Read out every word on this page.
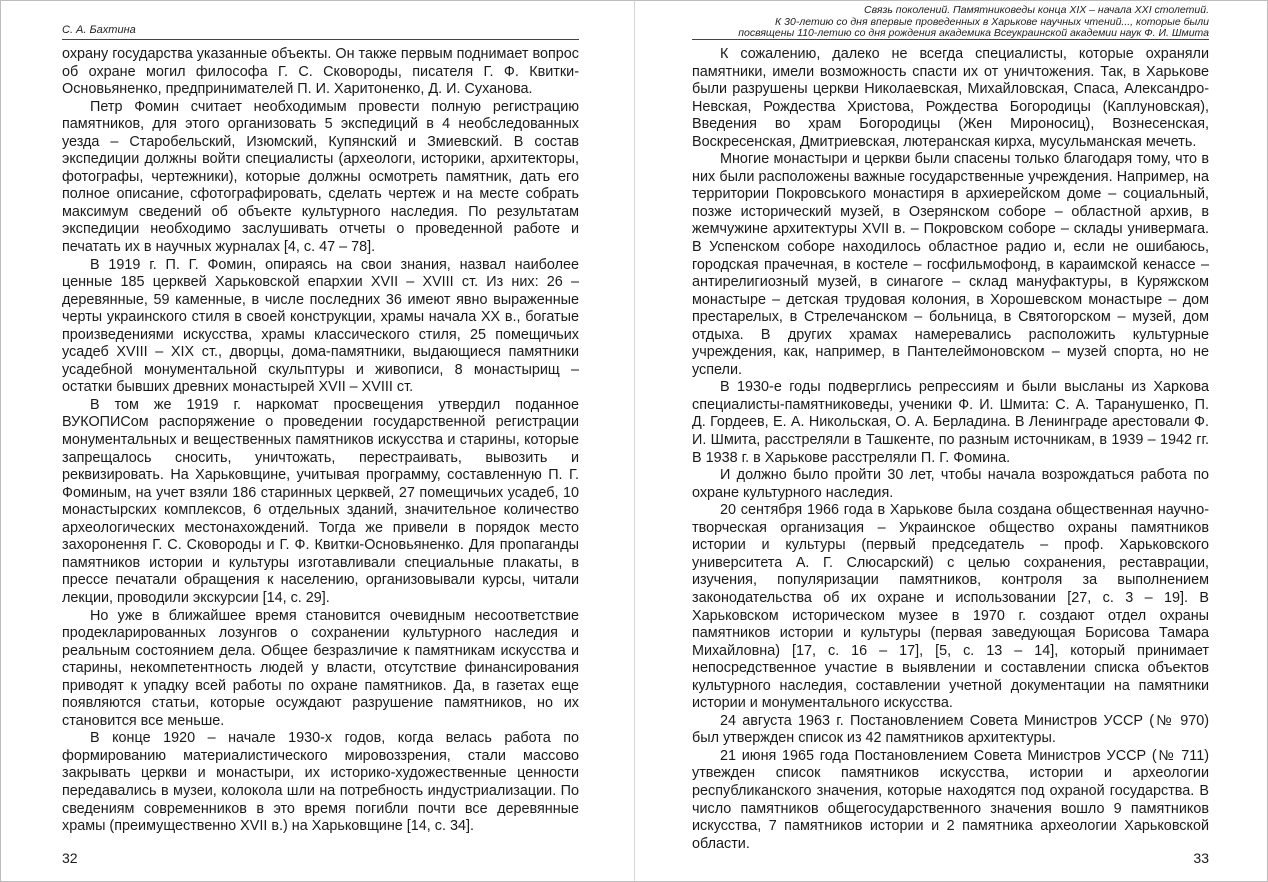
С. А. Бахтина

охрану государства указанные объекты. Он также первым поднимает вопрос об охране могил философа Г. С. Сковороды, писателя Г. Ф. Квитки-Основьяненко, предпринимателей П. И. Харитоненко, Д. И. Суханова.

Петр Фомин считает необходимым провести полную регистрацию памятников, для этого организовать 5 экспедиций в 4 необследованных уезда – Старобельский, Изюмский, Купянский и Змиевский. В состав экспедиции должны войти специалисты (археологи, историки, архитекторы, фотографы, чертежники), которые должны осмотреть памятник, дать его полное описание, сфотографировать, сделать чертеж и на месте собрать максимум сведений об объекте культурного наследия. По результатам экспедиции необходимо заслушивать отчеты о проведенной работе и печатать их в научных журналах [4, с. 47 – 78].

В 1919 г. П. Г. Фомин, опираясь на свои знания, назвал наиболее ценные 185 церквей Харьковской епархии XVII – XVIII ст. Из них: 26 – деревянные, 59 каменные, в числе последних 36 имеют явно выраженные черты украинского стиля в своей конструкции, храмы начала XX в., богатые произведениями искусства, храмы классического стиля, 25 помещичьих усадеб XVIII – XIX ст., дворцы, дома-памятники, выдающиеся памятники усадебной монументальной скульптуры и живописи, 8 монастырищ – остатки бывших древних монастырей XVII – XVIII ст.

В том же 1919 г. наркомат просвещения утвердил поданное ВУКОПИСом распоряжение о проведении государственной регистрации монументальных и вещественных памятников искусства и старины, которые запрещалось сносить, уничтожать, перестраивать, вывозить и реквизировать. На Харьковщине, учитывая программу, составленную П. Г. Фоминым, на учет взяли 186 старинных церквей, 27 помещичьих усадеб, 10 монастырских комплексов, 6 отдельных зданий, значительное количество археологических местонахождений. Тогда же привели в порядок место захоронення Г. С. Сковороды и Г. Ф. Квитки-Основьяненко. Для пропаганды памятников истории и культуры изготавливали специальные плакаты, в прессе печатали обращения к населению, организовывали курсы, читали лекции, проводили экскурсии [14, с. 29].

Но уже в ближайшее время становится очевидным несоответствие продекларированных лозунгов о сохранении культурного наследия и реальным состоянием дела. Общее безразличие к памятникам искусства и старины, некомпетентность людей у власти, отсутствие финансирования приводят к упадку всей работы по охране памятников. Да, в газетах еще появляются статьи, которые осуждают разрушение памятников, но их становится все меньше.

В конце 1920 – начале 1930-х годов, когда велась работа по формированию материалистического мировоззрения, стали массово закрывать церкви и монастыри, их историко-художественные ценности передавались в музеи, колокола шли на потребность индустриализации. По сведениям современников в это время погибли почти все деревянные храмы (преимущественно XVII в.) на Харьковщине [14, с. 34].

32
Связь поколений. Памятниковеды конца XIX – начала XXI столетий.
К 30-летию со дня впервые проведенных в Харькове научных чтений..., которые были
посвящены 110-летию со дня рождения академика Всеукраинской академии наук Ф. И. Шмита

К сожалению, далеко не всегда специалисты, которые охраняли памятники, имели возможность спасти их от уничтожения. Так, в Харькове были разрушены церкви Николаевская, Михайловская, Спаса, Александро-Невская, Рождества Христова, Рождества Богородицы (Каплуновская), Введения во храм Богородицы (Жен Мироносиц), Вознесенская, Воскресенская, Дмитриевская, лютеранская кирха, мусульманская мечеть.

Многие монастыри и церкви были спасены только благодаря тому, что в них были расположены важные государственные учреждения. Например, на территории Покровського монастиря в архиерейском доме – социальный, позже исторический музей, в Озерянском соборе – областной архив, в жемчужине архитектуры XVII в. – Покровском соборе – склады универмага. В Успенском соборе находилось областное радио и, если не ошибаюсь, городская прачечная, в костеле – госфильмофонд, в караимской кенассе – антирелигиозный музей, в синагоге – склад мануфактуры, в Куряжском монастыре – детская трудовая колония, в Хорошевском монастыре – дом престарелых, в Стрелечанском – больница, в Святогорском – музей, дом отдыха. В других храмах намеревались расположить культурные учреждения, как, например, в Пантелеймоновском – музей спорта, но не успели.

В 1930-е годы подверглись репрессиям и были высланы из Харкова специалисты-памятниковеды, ученики Ф. И. Шмита: С. А. Таранушенко, П. Д. Гордеев, Е. А. Никольская, О. А. Берладина. В Ленинграде арестовали Ф. И. Шмита, расстреляли в Ташкенте, по разным источникам, в 1939 – 1942 гг. В 1938 г. в Харькове расстреляли П. Г. Фомина.

И должно было пройти 30 лет, чтобы начала возрождаться работа по охране культурного наследия.

20 сентября 1966 года в Харькове была создана общественная научно-творческая организация – Украинское общество охраны памятников истории и культуры (первый председатель – проф. Харьковского университета А. Г. Слюсарский) с целью сохранения, реставрации, изучения, популяризации памятников, контроля за выполнением законодательства об их охране и использовании [27, с. 3 – 19]. В Харьковском историческом музее в 1970 г. создают отдел охраны памятников истории и культуры (первая заведующая Борисова Тамара Михайловна) [17, с. 16 – 17], [5, с. 13 – 14], который принимает непосредственное участие в выявлении и составлении списка объектов культурного наследия, составлении учетной документации на памятники истории и монументального искусства.

24 августа 1963 г. Постановлением Совета Министров УССР (№ 970) был утвержден список из 42 памятников архитектуры.

21 июня 1965 года Постановлением Совета Министров УССР (№ 711) утвежден список памятников искусства, истории и археологии республиканского значения, которые находятся под охраной государства. В число памятников общегосударственного значения вошло 9 памятников искусства, 7 памятников истории и 2 памятника археологии Харьковской области.

33
